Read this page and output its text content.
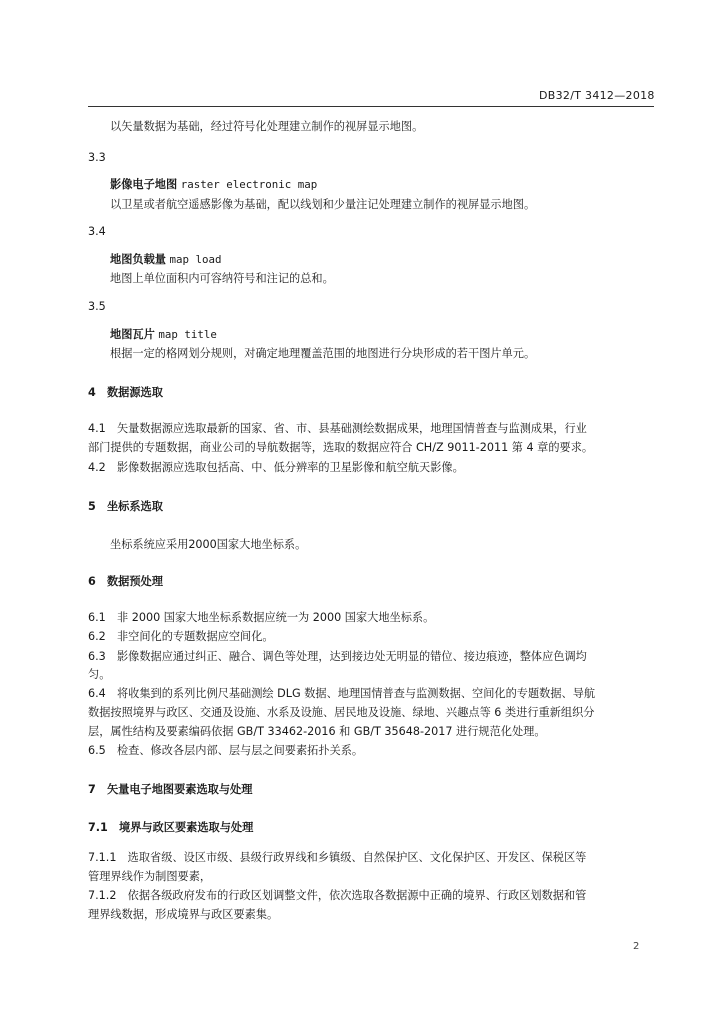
DB32/T 3412—2018
以矢量数据为基础，经过符号化处理建立制作的视屏显示地图。
3.3
影像电子地图 raster electronic map
以卫星或者航空遥感影像为基础，配以线划和少量注记处理建立制作的视屏显示地图。
3.4
地图负载量 map load
地图上单位面积内可容纳符号和注记的总和。
3.5
地图瓦片 map title
根据一定的格网划分规则，对确定地理覆盖范围的地图进行分块形成的若干图片单元。
4　数据源选取
4.1　矢量数据源应选取最新的国家、省、市、县基础测绘数据成果，地理国情普查与监测成果，行业
部门提供的专题数据，商业公司的导航数据等，选取的数据应符合 CH/Z 9011-2011 第 4 章的要求。
4.2　影像数据源应选取包括高、中、低分辨率的卫星影像和航空航天影像。
5　坐标系选取
坐标系统应采用2000国家大地坐标系。
6　数据预处理
6.1　非 2000 国家大地坐标系数据应统一为 2000 国家大地坐标系。
6.2　非空间化的专题数据应空间化。
6.3　影像数据应通过纠正、融合、调色等处理，达到接边处无明显的错位、接边痕迹，整体应色调均
匀。
6.4　将收集到的系列比例尺基础测绘 DLG 数据、地理国情普查与监测数据、空间化的专题数据、导航
数据按照境界与政区、交通及设施、水系及设施、居民地及设施、绿地、兴趣点等 6 类进行重新组织分
层，属性结构及要素编码依据 GB/T 33462-2016 和 GB/T 35648-2017 进行规范化处理。
6.5　检查、修改各层内部、层与层之间要素拓扑关系。
7　矢量电子地图要素选取与处理
7.1　境界与政区要素选取与处理
7.1.1　选取省级、设区市级、县级行政界线和乡镇级、自然保护区、文化保护区、开发区、保税区等
管理界线作为制图要素，
7.1.2　依据各级政府发布的行政区划调整文件，依次选取各数据源中正确的境界、行政区划数据和管
理界线数据，形成境界与政区要素集。
2
